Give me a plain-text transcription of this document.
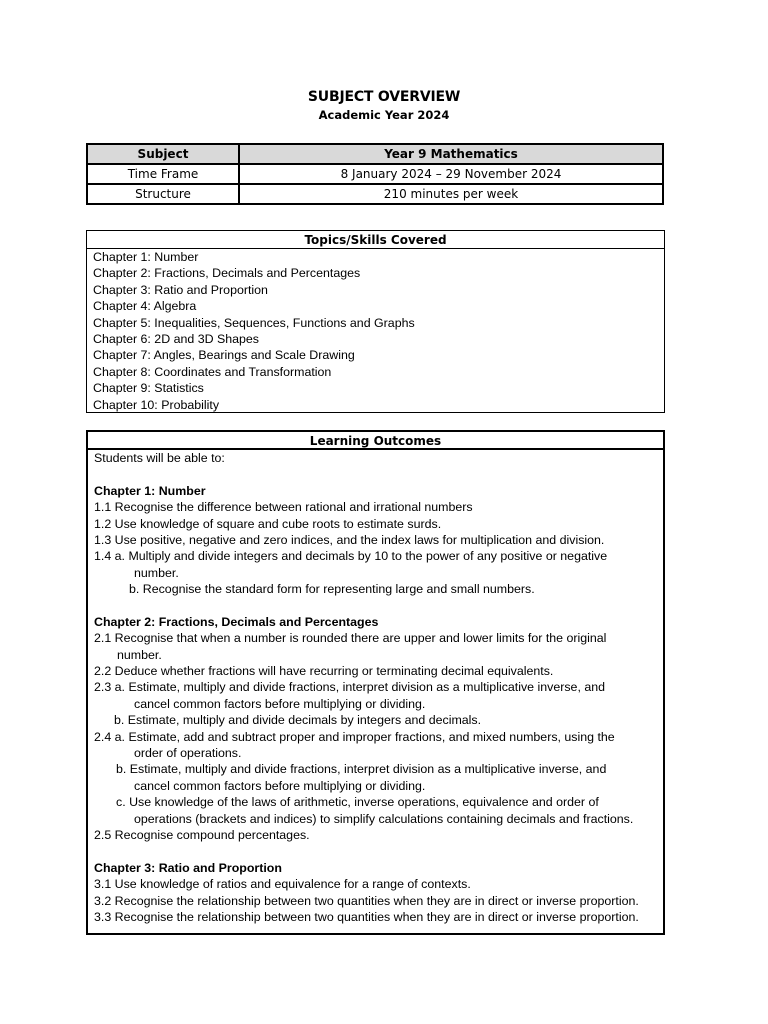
SUBJECT OVERVIEW
Academic Year 2024
Subject	Year 9 Mathematics
Time Frame	8 January 2024 – 29 November 2024
Structure	210 minutes per week
Topics/Skills Covered
Chapter 1: Number
Chapter 2: Fractions, Decimals and Percentages
Chapter 3: Ratio and Proportion
Chapter 4: Algebra
Chapter 5: Inequalities, Sequences, Functions and Graphs
Chapter 6: 2D and 3D Shapes
Chapter 7: Angles, Bearings and Scale Drawing
Chapter 8: Coordinates and Transformation
Chapter 9: Statistics
Chapter 10: Probability
Learning Outcomes
Students will be able to:
Chapter 1: Number
1.1 Recognise the difference between rational and irrational numbers
1.2 Use knowledge of square and cube roots to estimate surds.
1.3 Use positive, negative and zero indices, and the index laws for multiplication and division.
1.4 a. Multiply and divide integers and decimals by 10 to the power of any positive or negative
number.
b. Recognise the standard form for representing large and small numbers.
Chapter 2: Fractions, Decimals and Percentages
2.1 Recognise that when a number is rounded there are upper and lower limits for the original
number.
2.2 Deduce whether fractions will have recurring or terminating decimal equivalents.
2.3 a. Estimate, multiply and divide fractions, interpret division as a multiplicative inverse, and
cancel common factors before multiplying or dividing.
b. Estimate, multiply and divide decimals by integers and decimals.
2.4 a. Estimate, add and subtract proper and improper fractions, and mixed numbers, using the
order of operations.
b. Estimate, multiply and divide fractions, interpret division as a multiplicative inverse, and
cancel common factors before multiplying or dividing.
c. Use knowledge of the laws of arithmetic, inverse operations, equivalence and order of
operations (brackets and indices) to simplify calculations containing decimals and fractions.
2.5 Recognise compound percentages.
Chapter 3: Ratio and Proportion
3.1 Use knowledge of ratios and equivalence for a range of contexts.
3.2 Recognise the relationship between two quantities when they are in direct or inverse proportion.
3.3 Recognise the relationship between two quantities when they are in direct or inverse proportion.
